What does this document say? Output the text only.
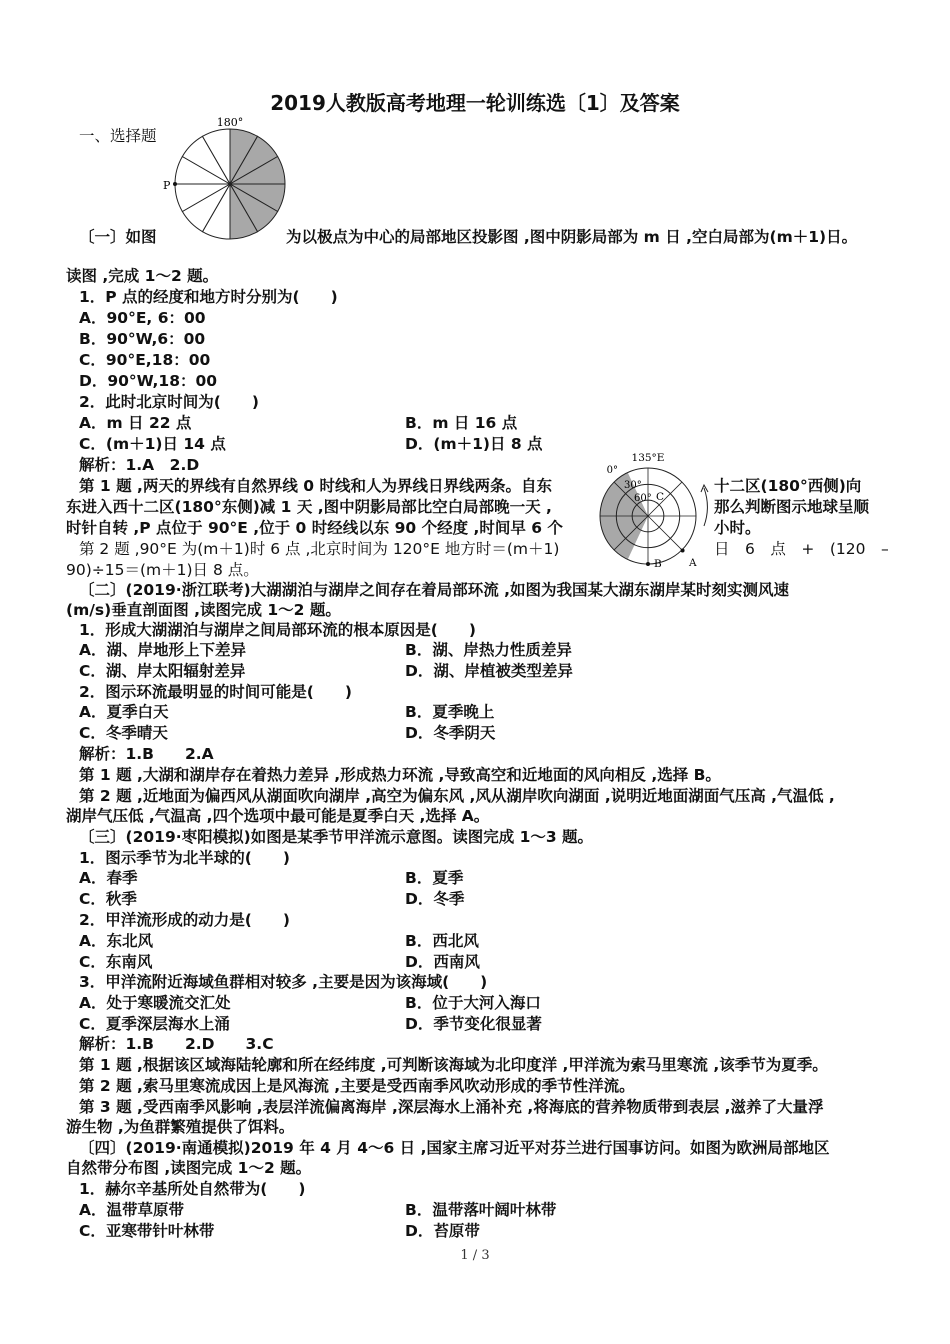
2019人教版高考地理一轮训练选〔1〕及答案
一、选择题
180°
P
〔一〕如图	为以极点为中心的局部地区投影图 ,图中阴影局部为 m 日 ,空白局部为(m＋1)日。
读图 ,完成 1～2 题。
1．P 点的经度和地方时分别为(　　)
A．90°E, 6：00
B．90°W,6：00
C．90°E,18：00
D．90°W,18：00
2．此时北京时间为(　　)
A．m 日 22 点	B．m 日 16 点
C．(m＋1)日 14 点	D．(m＋1)日 8 点
解析：1.A　2.D
第 1 题 ,两天的界线有自然界线 0 时线和人为界线日界线两条。自东	十二区(180°西侧)向
东进入西十二区(180°东侧)减 1 天 ,图中阴影局部比空白局部晚一天 ,	那么判断图示地球呈顺
时针自转 ,P 点位于 90°E ,位于 0 时经线以东 90 个经度 ,时间早 6 个	小时。
第 2 题 ,90°E 为(m＋1)时 6 点 ,北京时间为 120°E 地方时＝(m＋1)	日　6　点　+　(120　–
90)÷15＝(m＋1)日 8 点。
135°E
0°
30°
60° C
B	A
〔二〕(2019·浙江联考)大湖湖泊与湖岸之间存在着局部环流 ,如图为我国某大湖东湖岸某时刻实测风速
(m/s)垂直剖面图 ,读图完成 1～2 题。
1．形成大湖湖泊与湖岸之间局部环流的根本原因是(　　)
A．湖、岸地形上下差异	B．湖、岸热力性质差异
C．湖、岸太阳辐射差异	D．湖、岸植被类型差异
2．图示环流最明显的时间可能是(　　)
A．夏季白天	B．夏季晚上
C．冬季晴天	D．冬季阴天
解析：1.B　　2.A
第 1 题 ,大湖和湖岸存在着热力差异 ,形成热力环流 ,导致高空和近地面的风向相反 ,选择 B。
第 2 题 ,近地面为偏西风从湖面吹向湖岸 ,高空为偏东风 ,风从湖岸吹向湖面 ,说明近地面湖面气压高 ,气温低 ,
湖岸气压低 ,气温高 ,四个选项中最可能是夏季白天 ,选择 A。
〔三〕(2019·枣阳模拟)如图是某季节甲洋流示意图。读图完成 1～3 题。
1．图示季节为北半球的(　　)
A．春季	B．夏季
C．秋季	D．冬季
2．甲洋流形成的动力是(　　)
A．东北风	B．西北风
C．东南风	D．西南风
3．甲洋流附近海域鱼群相对较多 ,主要是因为该海域(　　)
A．处于寒暖流交汇处	B．位于大河入海口
C．夏季深层海水上涌	D．季节变化很显著
解析：1.B　　2.D　　3.C
第 1 题 ,根据该区域海陆轮廓和所在经纬度 ,可判断该海域为北印度洋 ,甲洋流为索马里寒流 ,该季节为夏季。
第 2 题 ,索马里寒流成因上是风海流 ,主要是受西南季风吹动形成的季节性洋流。
第 3 题 ,受西南季风影响 ,表层洋流偏离海岸 ,深层海水上涌补充 ,将海底的营养物质带到表层 ,滋养了大量浮
游生物 ,为鱼群繁殖提供了饵料。
〔四〕(2019·南通模拟)2019 年 4 月 4～6 日 ,国家主席习近平对芬兰进行国事访问。如图为欧洲局部地区
自然带分布图 ,读图完成 1～2 题。
1．赫尔辛基所处自然带为(　　)
A．温带草原带	B．温带落叶阔叶林带
C．亚寒带针叶林带	D．苔原带
1 / 3
